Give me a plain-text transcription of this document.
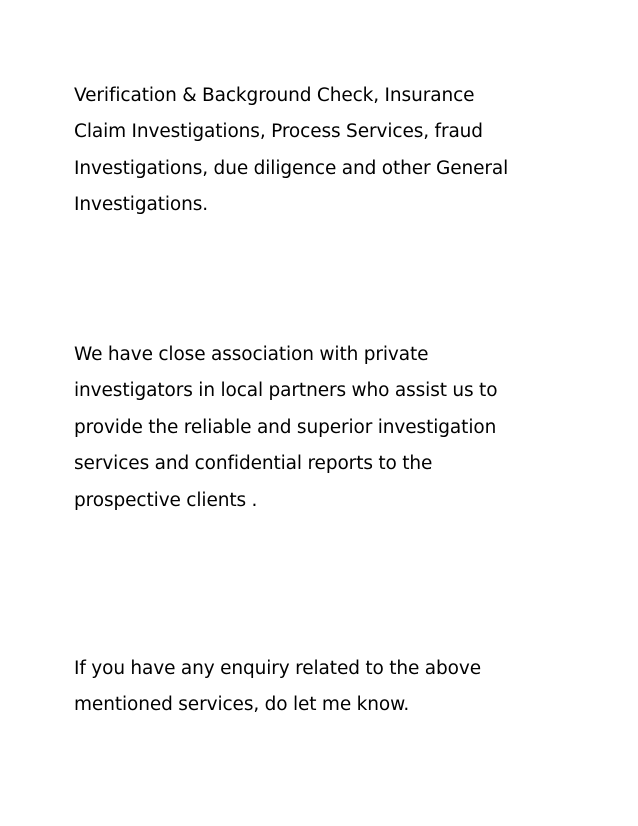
Verification & Background Check, Insurance
Claim Investigations, Process Services, fraud
Investigations, due diligence and other General
Investigations.

We have close association with private
investigators in local partners who assist us to
provide the reliable and superior investigation
services and confidential reports to the
prospective clients .

If you have any enquiry related to the above
mentioned services, do let me know.
